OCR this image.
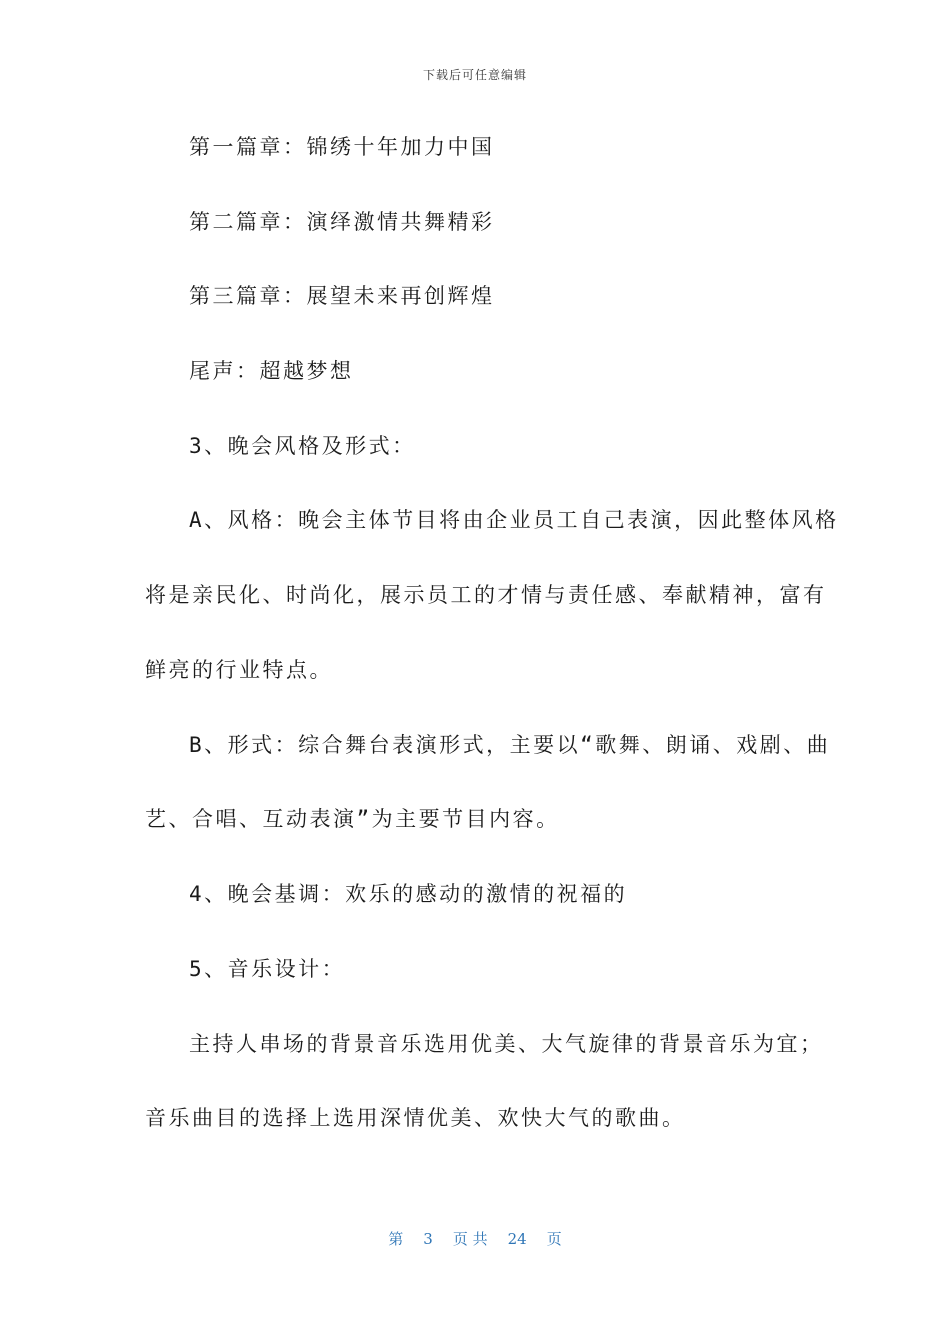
下载后可任意编辑
第一篇章：锦绣十年加力中国
第二篇章：演绎激情共舞精彩
第三篇章：展望未来再创辉煌
尾声：超越梦想
3、晚会风格及形式：
A、风格：晚会主体节目将由企业员工自己表演，因此整体风格
将是亲民化、时尚化，展示员工的才情与责任感、奉献精神，富有
鲜亮的行业特点。
B、形式：综合舞台表演形式，主要以“歌舞、朗诵、戏剧、曲
艺、合唱、互动表演”为主要节目内容。
4、晚会基调：欢乐的感动的激情的祝福的
5、音乐设计：
主持人串场的背景音乐选用优美、大气旋律的背景音乐为宜；
音乐曲目的选择上选用深情优美、欢快大气的歌曲。
第 3 页 共 24 页
